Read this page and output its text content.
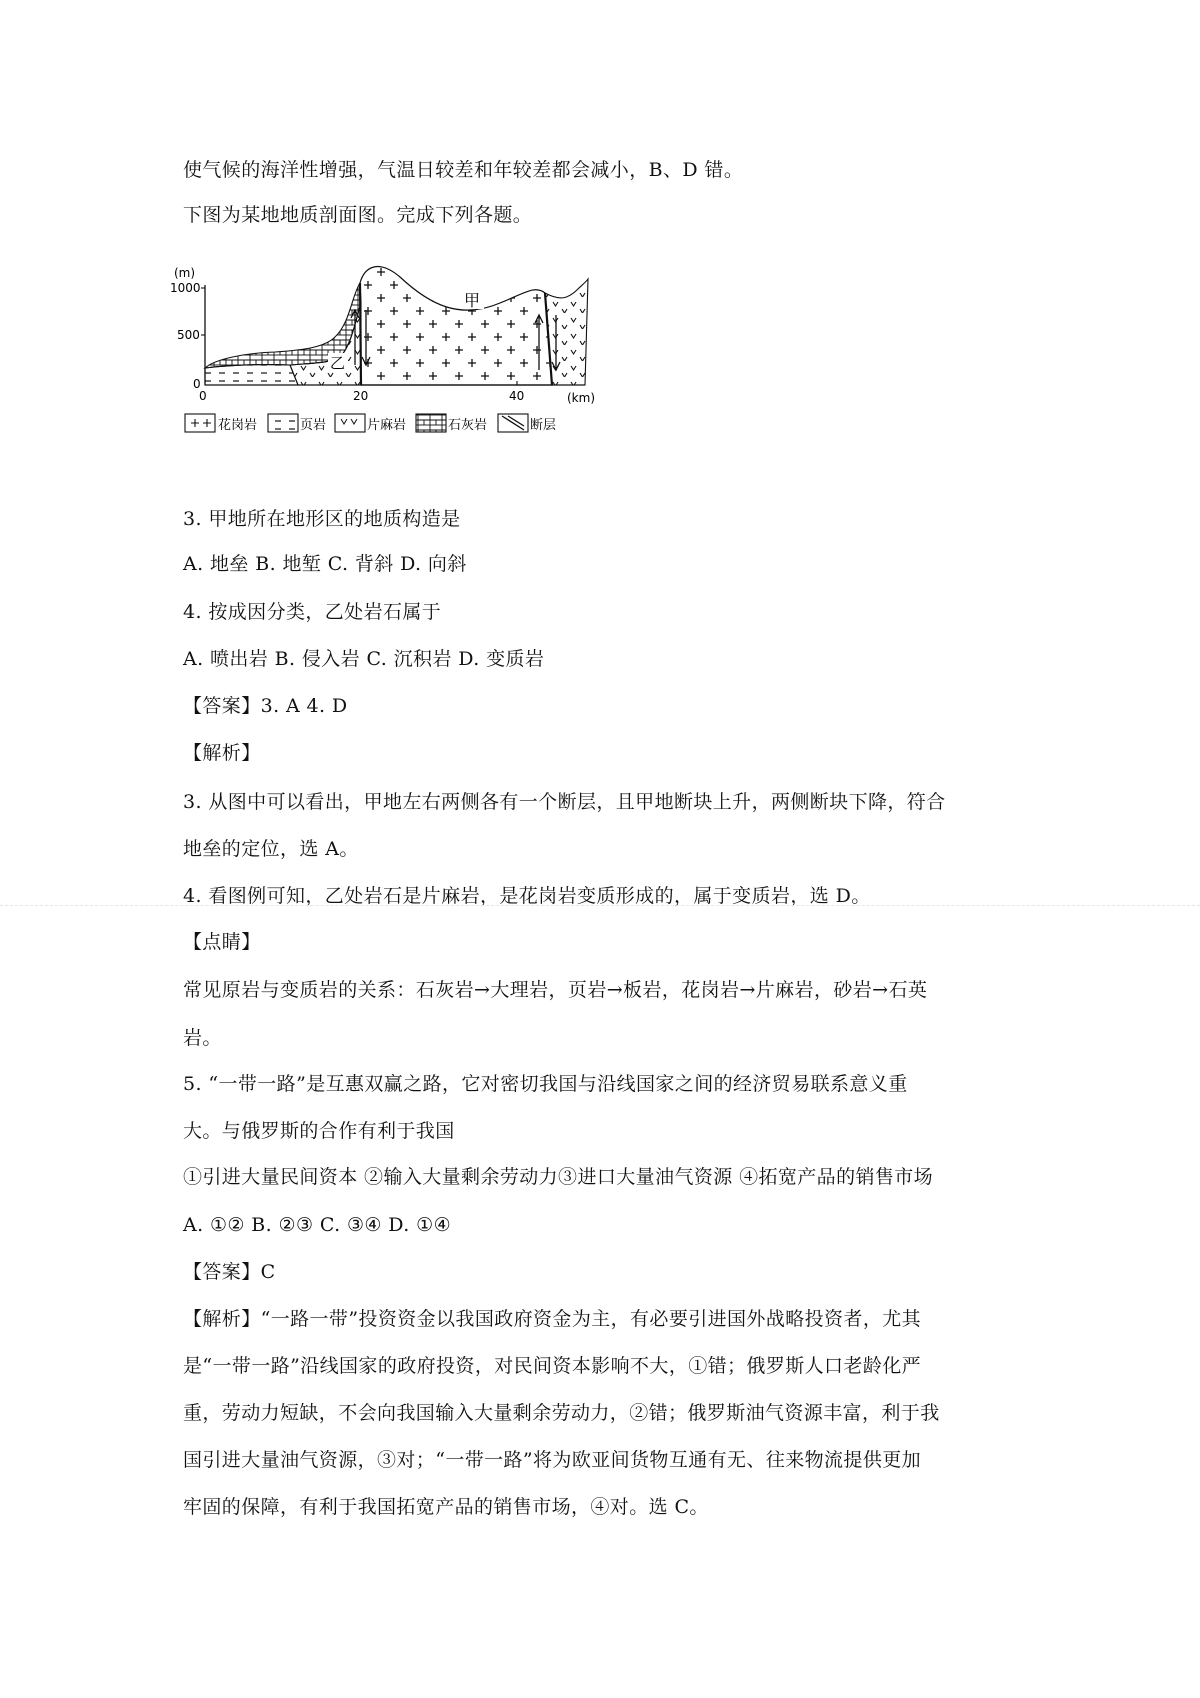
使气候的海洋性增强，气温日较差和年较差都会减小，B、D 错。

下图为某地地质剖面图。完成下列各题。

(m)
1000
500
0
0	20	40	(km)
甲
乙
花岗岩	页岩	片麻岩	石灰岩	断层

3. 甲地所在地形区的地质构造是

A. 地垒 B. 地堑 C. 背斜 D. 向斜

4. 按成因分类，乙处岩石属于

A. 喷出岩 B. 侵入岩 C. 沉积岩 D. 变质岩

【答案】3. A 4. D

【解析】

3. 从图中可以看出，甲地左右两侧各有一个断层，且甲地断块上升，两侧断块下降，符合

地垒的定位，选 A。

4. 看图例可知，乙处岩石是片麻岩，是花岗岩变质形成的，属于变质岩，选 D。

【点睛】

常见原岩与变质岩的关系：石灰岩→大理岩，页岩→板岩，花岗岩→片麻岩，砂岩→石英

岩。

5. “一带一路”是互惠双赢之路，它对密切我国与沿线国家之间的经济贸易联系意义重

大。与俄罗斯的合作有利于我国

①引进大量民间资本 ②输入大量剩余劳动力③进口大量油气资源 ④拓宽产品的销售市场

A. ①② B. ②③ C. ③④ D. ①④

【答案】C

【解析】“一路一带”投资资金以我国政府资金为主，有必要引进国外战略投资者，尤其

是“一带一路”沿线国家的政府投资，对民间资本影响不大，①错；俄罗斯人口老龄化严

重，劳动力短缺，不会向我国输入大量剩余劳动力，②错；俄罗斯油气资源丰富，利于我

国引进大量油气资源，③对；“一带一路”将为欧亚间货物互通有无、往来物流提供更加

牢固的保障，有利于我国拓宽产品的销售市场，④对。选 C。
